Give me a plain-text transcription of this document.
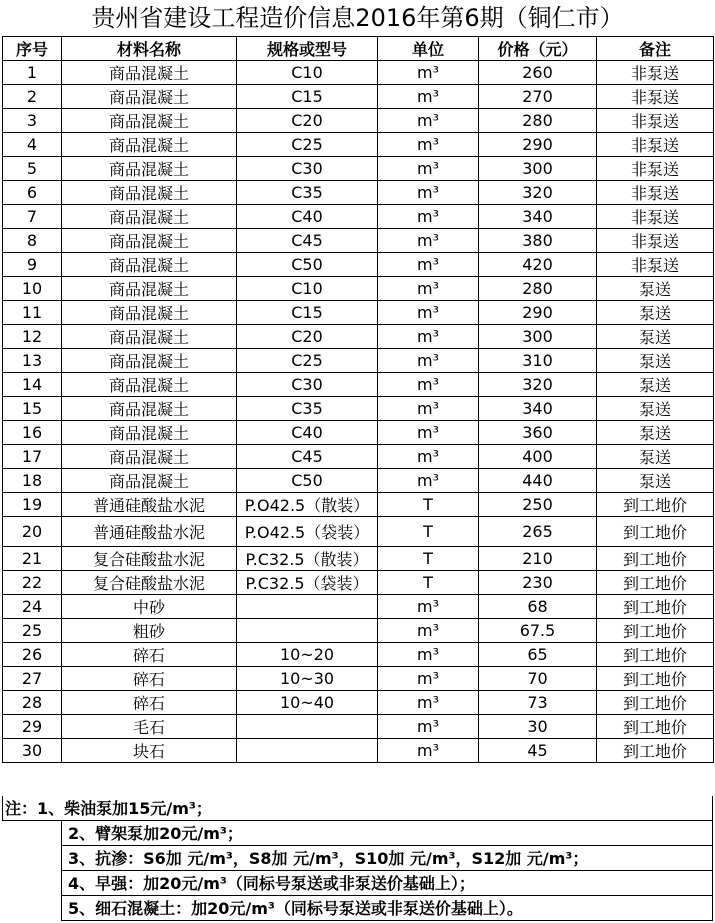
贵州省建设工程造价信息2016年第6期（铜仁市）
序号	材料名称	规格或型号	单位	价格（元）	备注
1	商品混凝土	C10	m³	260	非泵送
2	商品混凝土	C15	m³	270	非泵送
3	商品混凝土	C20	m³	280	非泵送
4	商品混凝土	C25	m³	290	非泵送
5	商品混凝土	C30	m³	300	非泵送
6	商品混凝土	C35	m³	320	非泵送
7	商品混凝土	C40	m³	340	非泵送
8	商品混凝土	C45	m³	380	非泵送
9	商品混凝土	C50	m³	420	非泵送
10	商品混凝土	C10	m³	280	泵送
11	商品混凝土	C15	m³	290	泵送
12	商品混凝土	C20	m³	300	泵送
13	商品混凝土	C25	m³	310	泵送
14	商品混凝土	C30	m³	320	泵送
15	商品混凝土	C35	m³	340	泵送
16	商品混凝土	C40	m³	360	泵送
17	商品混凝土	C45	m³	400	泵送
18	商品混凝土	C50	m³	440	泵送
19	普通硅酸盐水泥	P.O42.5（散装）	T	250	到工地价
20	普通硅酸盐水泥	P.O42.5（袋装）	T	265	到工地价
21	复合硅酸盐水泥	P.C32.5（散装）	T	210	到工地价
22	复合硅酸盐水泥	P.C32.5（袋装）	T	230	到工地价
24	中砂		m³	68	到工地价
25	粗砂		m³	67.5	到工地价
26	碎石	10~20	m³	65	到工地价
27	碎石	10~30	m³	70	到工地价
28	碎石	10~40	m³	73	到工地价
29	毛石		m³	30	到工地价
30	块石		m³	45	到工地价
注：1、柴油泵加15元/m³；
2、臂架泵加20元/m³；
3、抗渗：S6加 元/m³，S8加 元/m³，S10加 元/m³，S12加 元/m³；
4、早强：加20元/m³（同标号泵送或非泵送价基础上）；
5、细石混凝土：加20元/m³（同标号泵送或非泵送价基础上）。
